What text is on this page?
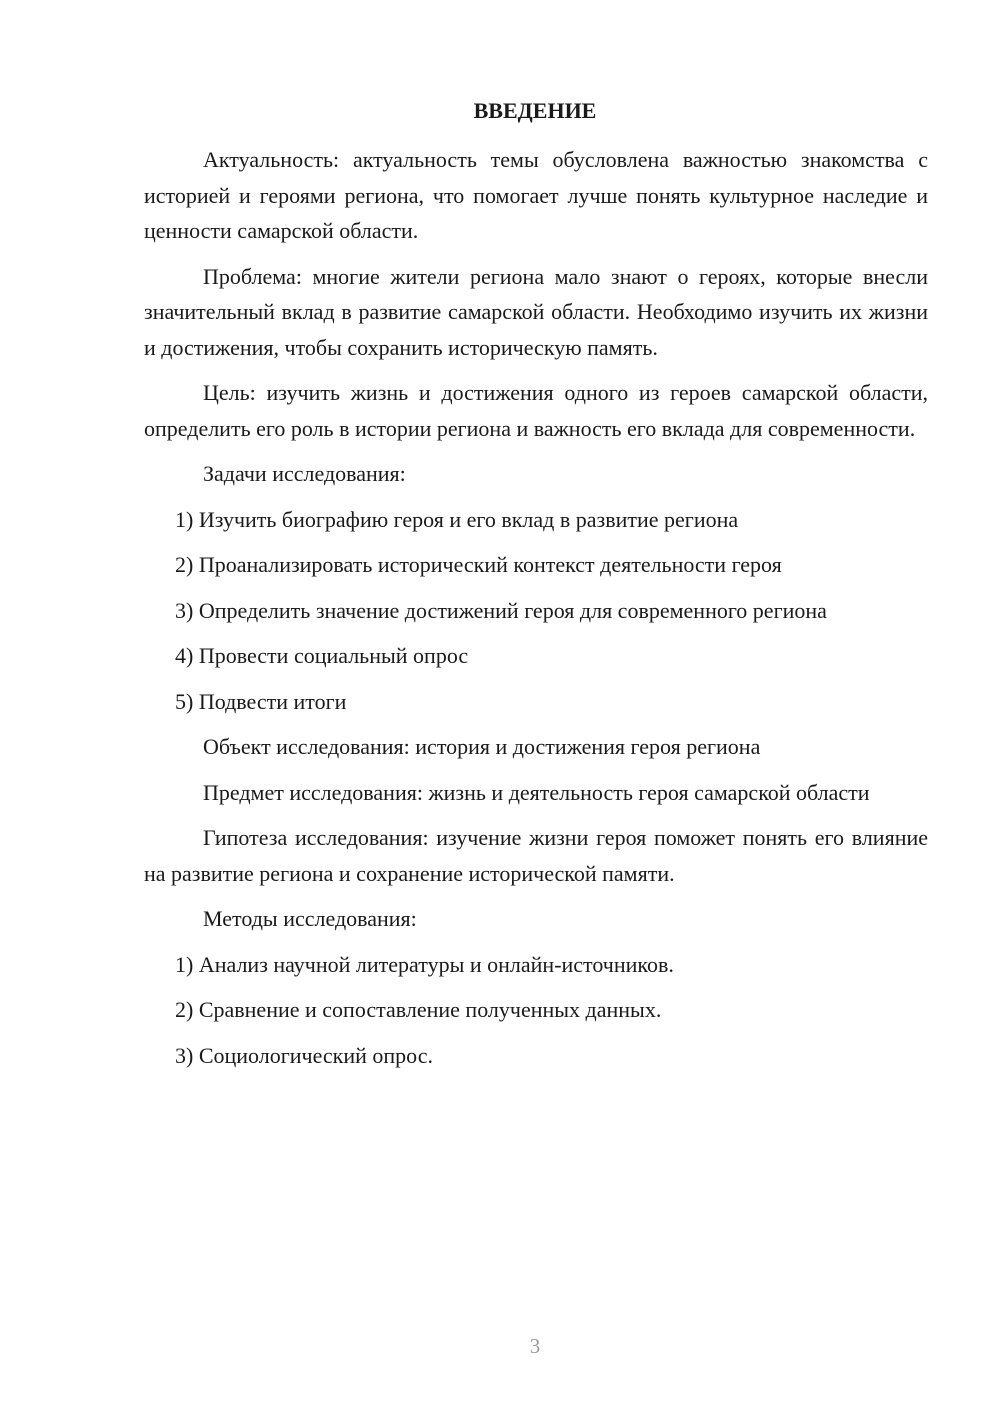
ВВЕДЕНИЕ

Актуальность: актуальность темы обусловлена важностью знакомства с историей и героями региона, что помогает лучше понять культурное наследие и ценности самарской области.

Проблема: многие жители региона мало знают о героях, которые внесли значительный вклад в развитие самарской области. Необходимо изучить их жизни и достижения, чтобы сохранить историческую память.

Цель: изучить жизнь и достижения одного из героев самарской области, определить его роль в истории региона и важность его вклада для современности.

Задачи исследования:

1) Изучить биографию героя и его вклад в развитие региона

2) Проанализировать исторический контекст деятельности героя

3) Определить значение достижений героя для современного региона

4) Провести социальный опрос

5) Подвести итоги

Объект исследования: история и достижения героя региона

Предмет исследования: жизнь и деятельность героя самарской области

Гипотеза исследования: изучение жизни героя поможет понять его влияние на развитие региона и сохранение исторической памяти.

Методы исследования:

1) Анализ научной литературы и онлайн-источников.

2) Сравнение и сопоставление полученных данных.

3) Социологический опрос.

3
